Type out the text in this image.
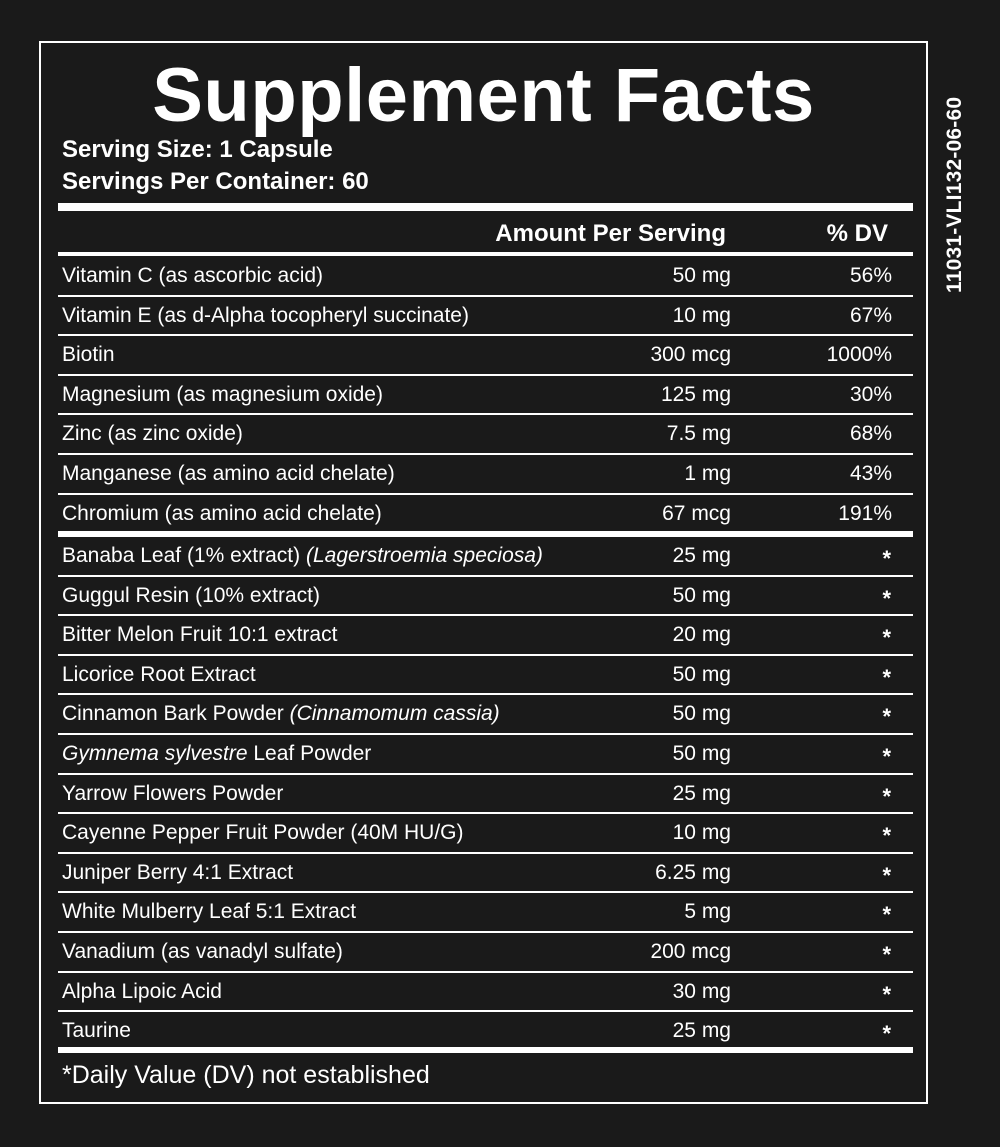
11031-VLI132-06-60
Supplement Facts
Serving Size: 1 Capsule
Servings Per Container: 60
Amount Per Serving	% DV
Vitamin C (as ascorbic acid)	50 mg	56%
Vitamin E (as d-Alpha tocopheryl succinate)	10 mg	67%
Biotin	300 mcg	1000%
Magnesium (as magnesium oxide)	125 mg	30%
Zinc (as zinc oxide)	7.5 mg	68%
Manganese (as amino acid chelate)	1 mg	43%
Chromium (as amino acid chelate)	67 mcg	191%
Banaba Leaf (1% extract) (Lagerstroemia speciosa)	25 mg	*
Guggul Resin (10% extract)	50 mg	*
Bitter Melon Fruit 10:1 extract	20 mg	*
Licorice Root Extract	50 mg	*
Cinnamon Bark Powder (Cinnamomum cassia)	50 mg	*
Gymnema sylvestre Leaf Powder	50 mg	*
Yarrow Flowers Powder	25 mg	*
Cayenne Pepper Fruit Powder (40M HU/G)	10 mg	*
Juniper Berry 4:1 Extract	6.25 mg	*
White Mulberry Leaf 5:1 Extract	5 mg	*
Vanadium (as vanadyl sulfate)	200 mcg	*
Alpha Lipoic Acid	30 mg	*
Taurine	25 mg	*
*Daily Value (DV) not established
